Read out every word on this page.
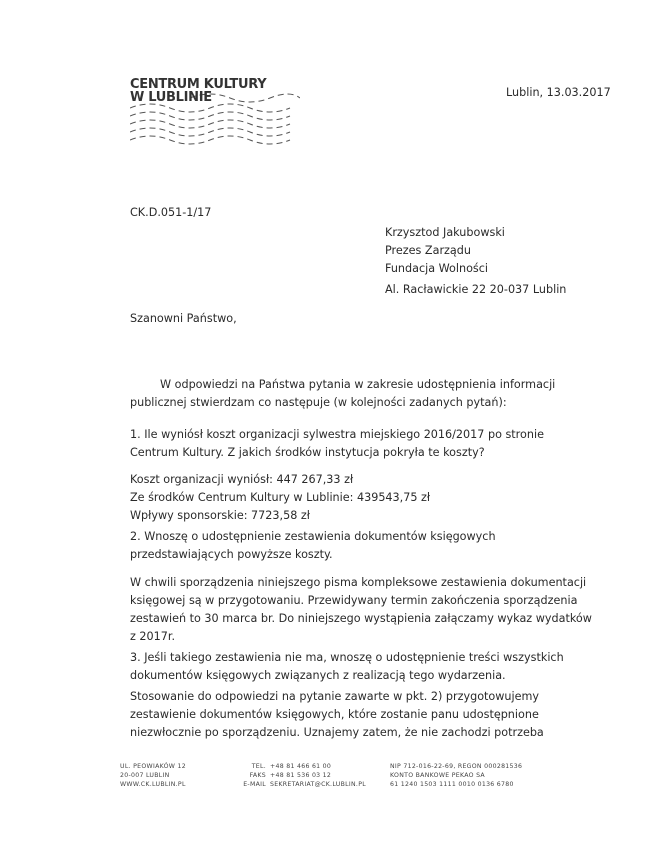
CENTRUM KULTURY
W LUBLINIE	Lublin, 13.03.2017
CK.D.051-1/17
Krzysztod Jakubowski
Prezes Zarządu
Fundacja Wolności
Al. Racławickie 22 20-037 Lublin
Szanowni Państwo,
W odpowiedzi na Państwa pytania w zakresie udostępnienia informacji
publicznej stwierdzam co następuje (w kolejności zadanych pytań):
1. Ile wyniósł koszt organizacji sylwestra miejskiego 2016/2017 po stronie
Centrum Kultury. Z jakich środków instytucja pokryła te koszty?
Koszt organizacji wyniósł: 447 267,33 zł
Ze środków Centrum Kultury w Lublinie: 439543,75 zł
Wpływy sponsorskie: 7723,58 zł
2. Wnoszę o udostępnienie zestawienia dokumentów księgowych
przedstawiających powyższe koszty.
W chwili sporządzenia niniejszego pisma kompleksowe zestawienia dokumentacji
księgowej są w przygotowaniu. Przewidywany termin zakończenia sporządzenia
zestawień to 30 marca br. Do niniejszego wystąpienia załączamy wykaz wydatków
z 2017r.
3. Jeśli takiego zestawienia nie ma, wnoszę o udostępnienie treści wszystkich
dokumentów księgowych związanych z realizacją tego wydarzenia.
Stosowanie do odpowiedzi na pytanie zawarte w pkt. 2) przygotowujemy
zestawienie dokumentów księgowych, które zostanie panu udostępnione
niezwłocznie po sporządzeniu. Uznajemy zatem, że nie zachodzi potrzeba
UL. PEOWIAKÓW 12
20-007 LUBLIN
WWW.CK.LUBLIN.PL
TEL. +48 81 466 61 00
FAKS +48 81 536 03 12
E-MAIL SEKRETARIAT@CK.LUBLIN.PL
NIP 712-016-22-69, REGON 000281536
KONTO BANKOWE PEKAO SA
61 1240 1503 1111 0010 0136 6780
